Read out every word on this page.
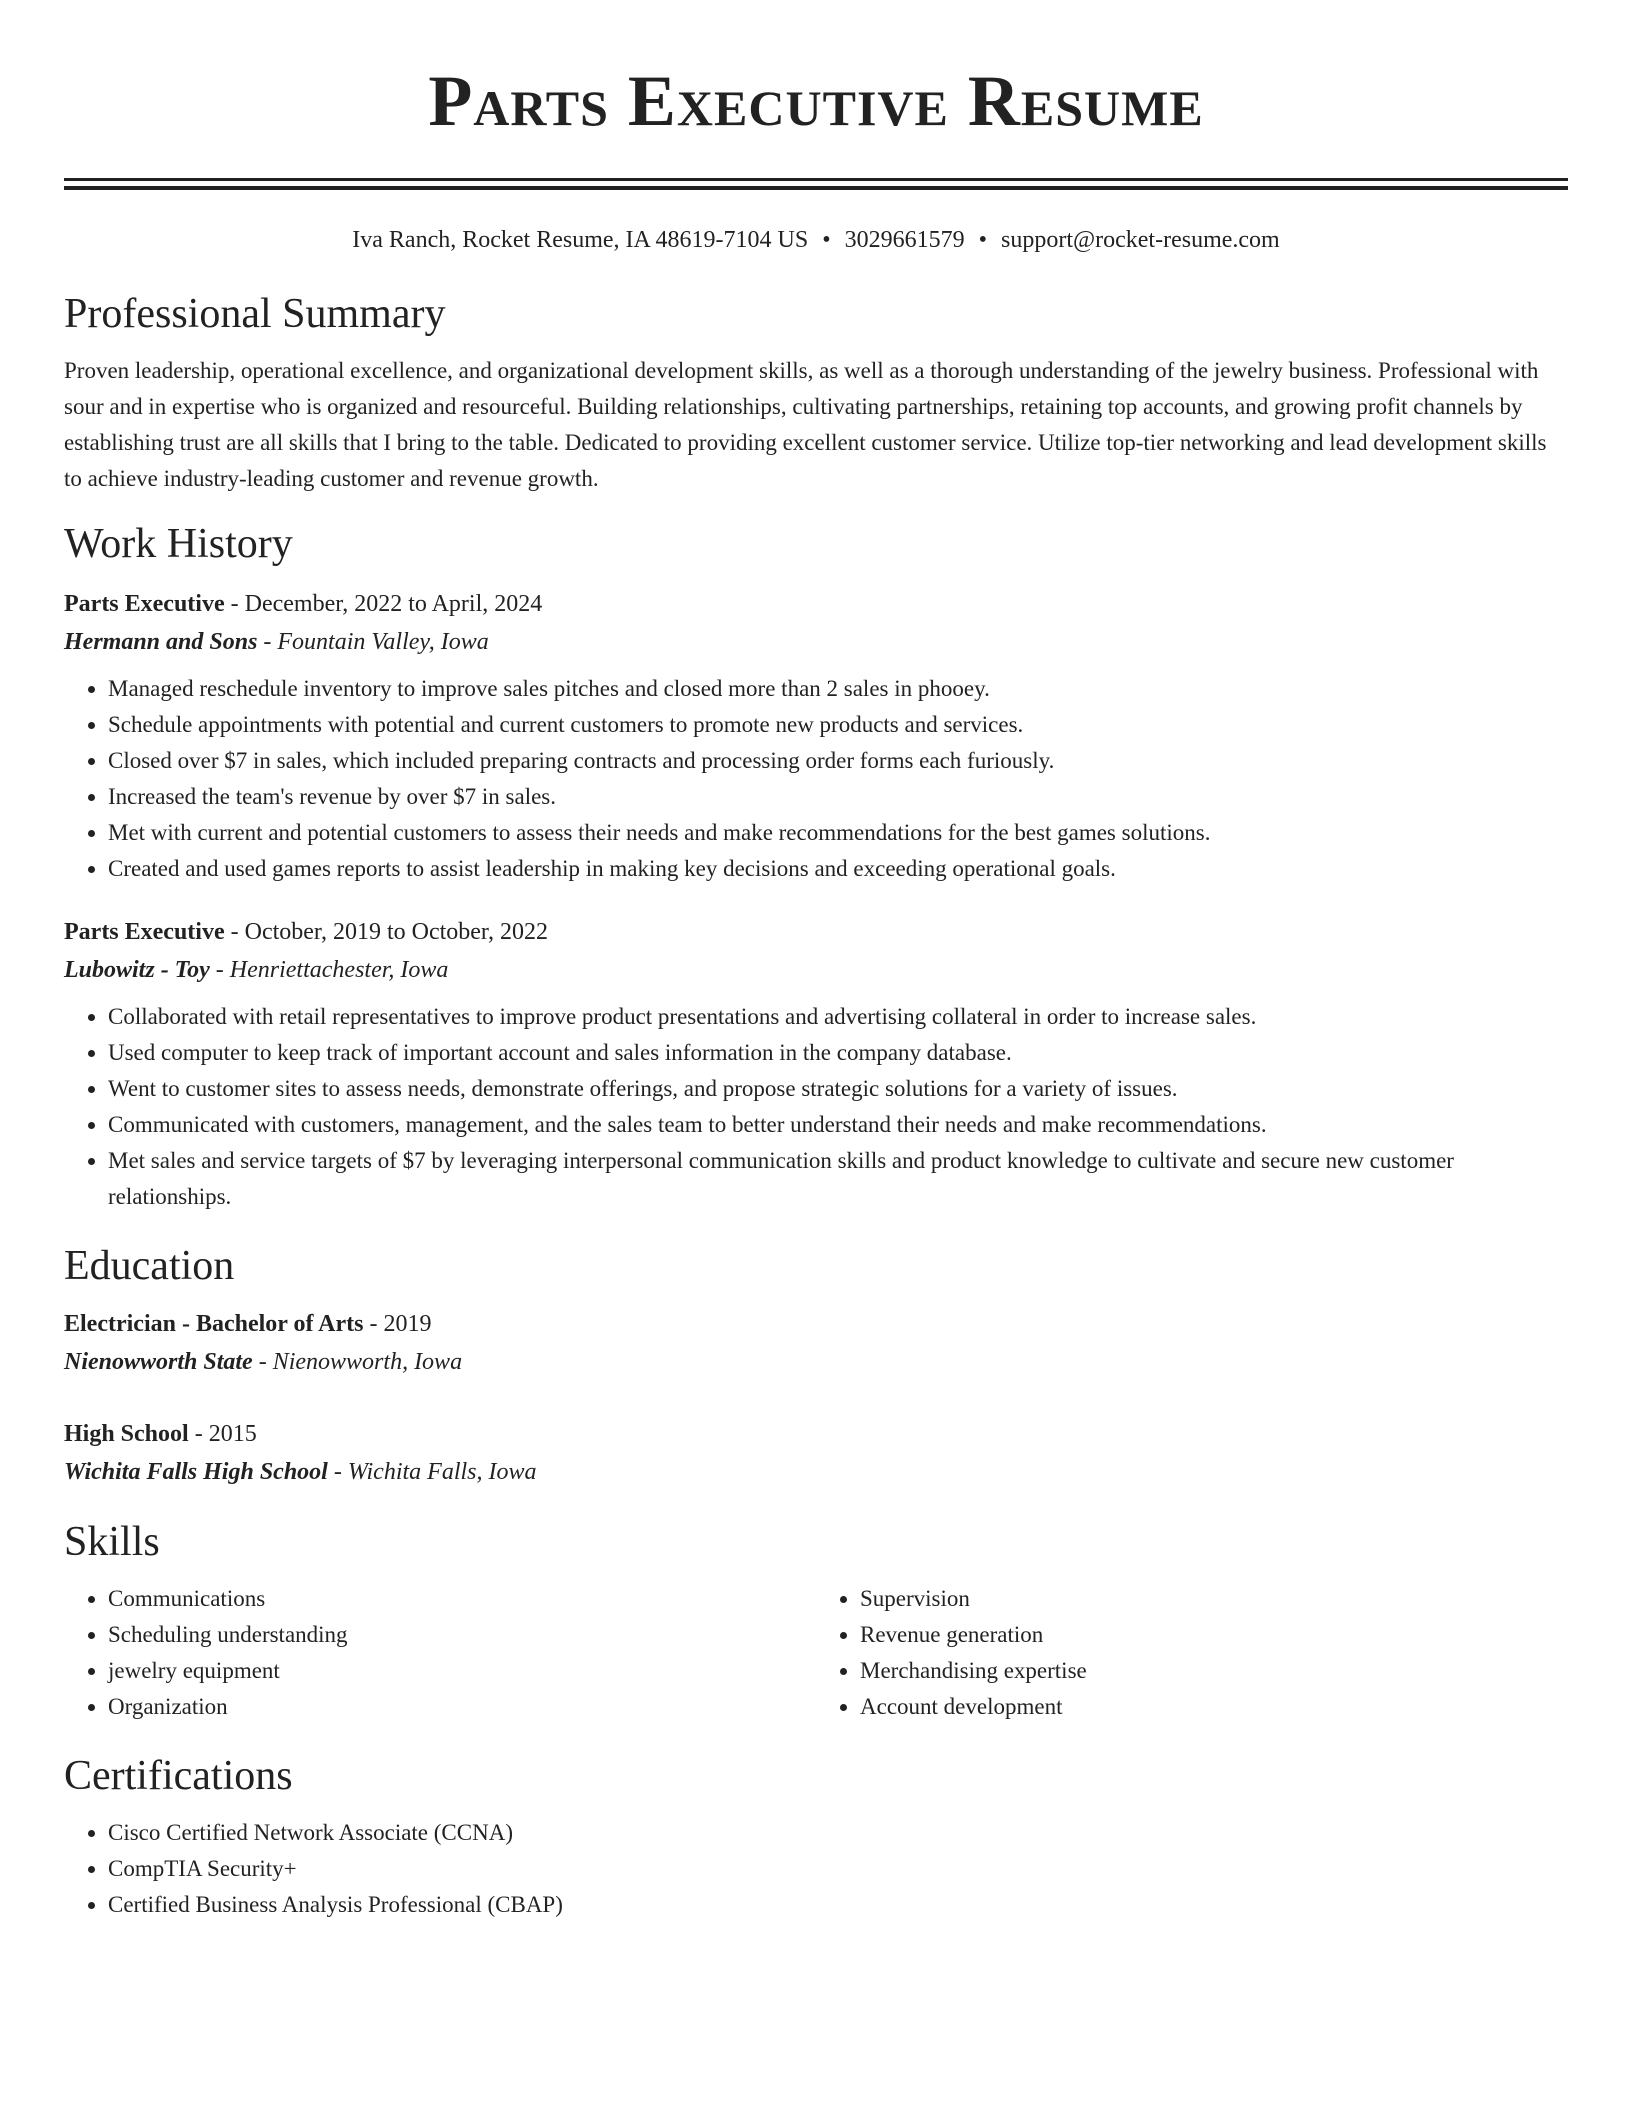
Parts Executive Resume
Iva Ranch, Rocket Resume, IA 48619-7104 US • 3029661579 • support@rocket-resume.com
Professional Summary

Proven leadership, operational excellence, and organizational development skills, as well as a thorough understanding of the jewelry business. Professional with sour and in expertise who is organized and resourceful. Building relationships, cultivating partnerships, retaining top accounts, and growing profit channels by establishing trust are all skills that I bring to the table. Dedicated to providing excellent customer service. Utilize top-tier networking and lead development skills to achieve industry-leading customer and revenue growth.

Work History
Parts Executive - December, 2022 to April, 2024
Hermann and Sons - Fountain Valley, Iowa
• Managed reschedule inventory to improve sales pitches and closed more than 2 sales in phooey.
• Schedule appointments with potential and current customers to promote new products and services.
• Closed over $7 in sales, which included preparing contracts and processing order forms each furiously.
• Increased the team's revenue by over $7 in sales.
• Met with current and potential customers to assess their needs and make recommendations for the best games solutions.
• Created and used games reports to assist leadership in making key decisions and exceeding operational goals.
Parts Executive - October, 2019 to October, 2022
Lubowitz - Toy - Henriettachester, Iowa
• Collaborated with retail representatives to improve product presentations and advertising collateral in order to increase sales.
• Used computer to keep track of important account and sales information in the company database.
• Went to customer sites to assess needs, demonstrate offerings, and propose strategic solutions for a variety of issues.
• Communicated with customers, management, and the sales team to better understand their needs and make recommendations.
• Met sales and service targets of $7 by leveraging interpersonal communication skills and product knowledge to cultivate and secure new customer relationships.
Education
Electrician - Bachelor of Arts - 2019
Nienowworth State - Nienowworth, Iowa
High School - 2015
Wichita Falls High School - Wichita Falls, Iowa
Skills
• Communications
• Scheduling understanding
• jewelry equipment
• Organization
• Supervision
• Revenue generation
• Merchandising expertise
• Account development
Certifications
• Cisco Certified Network Associate (CCNA)
• CompTIA Security+
• Certified Business Analysis Professional (CBAP)
